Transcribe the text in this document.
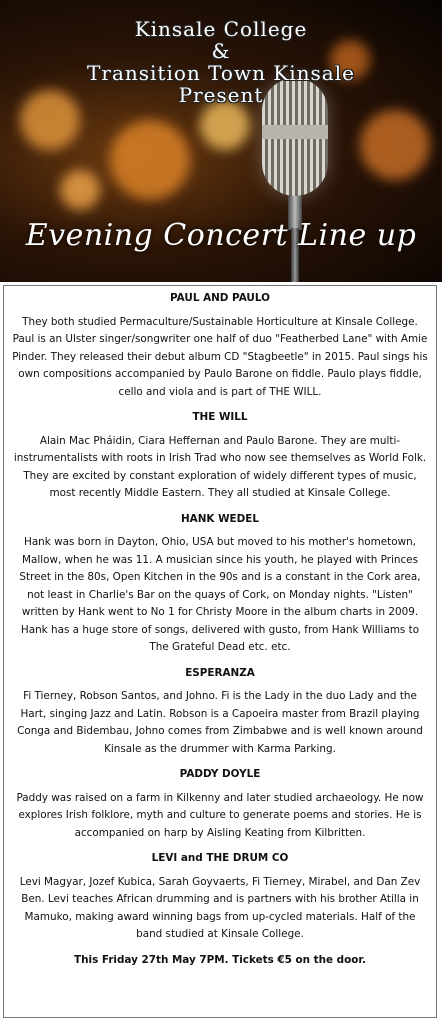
Kinsale College
&
Transition Town Kinsale
Present
Evening Concert Line up
PAUL AND PAULO
They both studied Permaculture/Sustainable Horticulture at Kinsale College. Paul is an Ulster singer/songwriter one half of duo "Featherbed Lane" with Amie Pinder. They released their debut album CD "Stagbeetle" in 2015. Paul sings his own compositions accompanied by Paulo Barone on fiddle. Paulo plays fiddle, cello and viola and is part of THE WILL.
THE WILL
Alain Mac Pháidin, Ciara Heffernan and Paulo Barone. They are multi-instrumentalists with roots in Irish Trad who now see themselves as World Folk. They are excited by constant exploration of widely different types of music, most recently Middle Eastern. They all studied at Kinsale College.
HANK WEDEL
Hank was born in Dayton, Ohio, USA but moved to his mother's hometown, Mallow, when he was 11. A musician since his youth, he played with Princes Street in the 80s, Open Kitchen in the 90s and is a constant in the Cork area, not least in Charlie's Bar on the quays of Cork, on Monday nights. "Listen" written by Hank went to No 1 for Christy Moore in the album charts in 2009. Hank has a huge store of songs, delivered with gusto, from Hank Williams to The Grateful Dead etc. etc.
ESPERANZA
Fi Tierney, Robson Santos, and Johno. Fi is the Lady in the duo Lady and the Hart, singing Jazz and Latin. Robson is a Capoeira master from Brazil playing Conga and Bidembau, Johno comes from Zimbabwe and is well known around Kinsale as the drummer with Karma Parking.
PADDY DOYLE
Paddy was raised on a farm in Kilkenny and later studied archaeology. He now explores Irish folklore, myth and culture to generate poems and stories. He is accompanied on harp by Aisling Keating from Kilbritten.
LEVI and THE DRUM CO
Levi Magyar, Jozef Kubica, Sarah Goyvaerts, Fi Tierney, Mirabel, and Dan Zev Ben. Levi teaches African drumming and is partners with his brother Atilla in Mamuko, making award winning bags from up-cycled materials. Half of the band studied at Kinsale College.
This Friday 27th May 7PM. Tickets €5 on the door.
